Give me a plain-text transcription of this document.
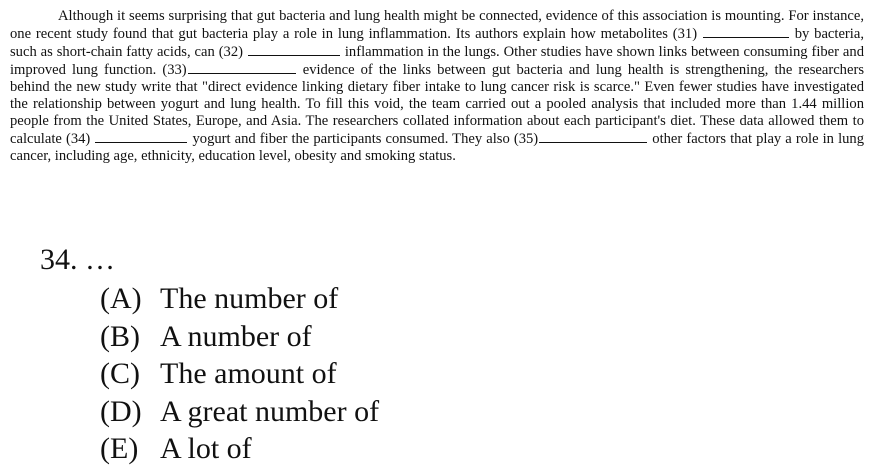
Although it seems surprising that gut bacteria and lung health might be connected, evidence of this association is mounting. For instance, one recent study found that gut bacteria play a role in lung inflammation. Its authors explain how metabolites (31)	by bacteria, such as short-chain fatty acids, can (32)	inflammation in the lungs. Other studies have shown links between consuming fiber and improved lung function. (33)	evidence of the links between gut bacteria and lung health is strengthening, the researchers behind the new study write that "direct evidence linking dietary fiber intake to lung cancer risk is scarce." Even fewer studies have investigated the relationship between yogurt and lung health. To fill this void, the team carried out a pooled analysis that included more than 1.44 million people from the United States, Europe, and Asia. The researchers collated information about each participant's diet. These data allowed them to calculate (34)	yogurt and fiber the participants consumed. They also (35)	other factors that play a role in lung cancer, including age, ethnicity, education level, obesity and smoking status.

34. …
(A) The number of
(B) A number of
(C) The amount of
(D) A great number of
(E) A lot of
